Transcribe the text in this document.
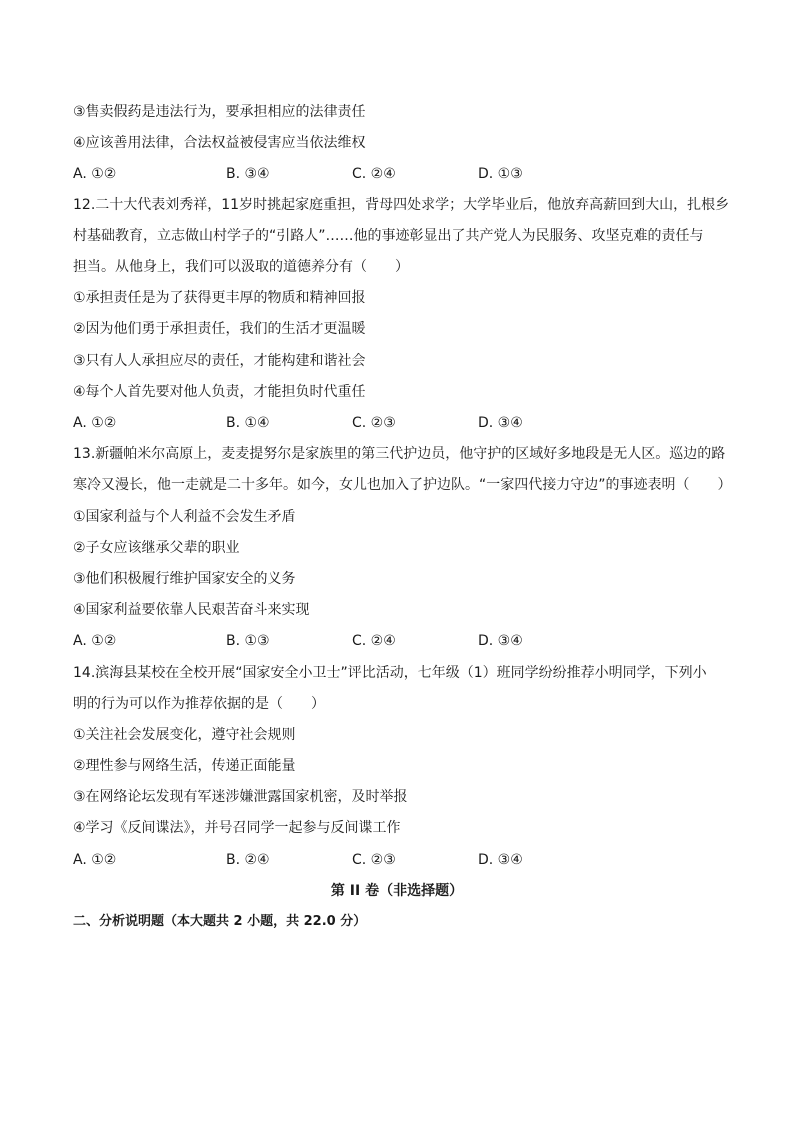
③售卖假药是违法行为，要承担相应的法律责任
④应该善用法律，合法权益被侵害应当依法维权
A. ①②	B. ③④	C. ②④	D. ①③
12.二十大代表刘秀祥，11岁时挑起家庭重担，背母四处求学；大学毕业后，他放弃高薪回到大山，扎根乡
村基础教育，立志做山村学子的“引路人”……他的事迹彰显出了共产党人为民服务、攻坚克难的责任与
担当。从他身上，我们可以汲取的道德养分有（　　）
①承担责任是为了获得更丰厚的物质和精神回报
②因为他们勇于承担责任，我们的生活才更温暖
③只有人人承担应尽的责任，才能构建和谐社会
④每个人首先要对他人负责，才能担负时代重任
A. ①②	B. ①④	C. ②③	D. ③④
13.新疆帕米尔高原上，麦麦提努尔是家族里的第三代护边员，他守护的区域好多地段是无人区。巡边的路
寒冷又漫长，他一走就是二十多年。如今，女儿也加入了护边队。“一家四代接力守边”的事迹表明（　　）
①国家利益与个人利益不会发生矛盾
②子女应该继承父辈的职业
③他们积极履行维护国家安全的义务
④国家利益要依靠人民艰苦奋斗来实现
A. ①②	B. ①③	C. ②④	D. ③④
14.滨海县某校在全校开展“国家安全小卫士”评比活动，七年级（1）班同学纷纷推荐小明同学，下列小
明的行为可以作为推荐依据的是（　　）
①关注社会发展变化，遵守社会规则
②理性参与网络生活，传递正面能量
③在网络论坛发现有军迷涉嫌泄露国家机密，及时举报
④学习《反间谍法》，并号召同学一起参与反间谍工作
A. ①②	B. ②④	C. ②③	D. ③④
第 II 卷（非选择题）
二、分析说明题（本大题共 2 小题，共 22.0 分）
